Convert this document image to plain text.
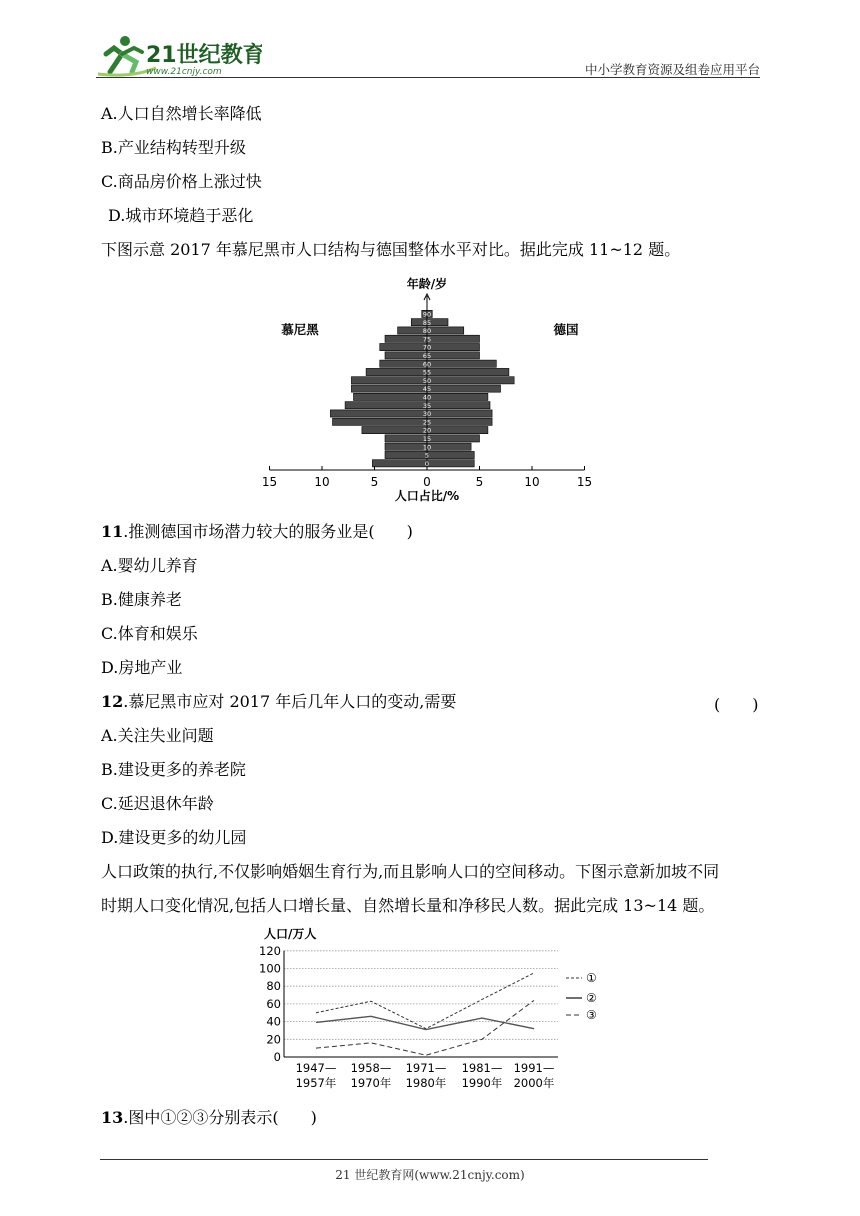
21世纪教育
www.21cnjy.com	中小学教育资源及组卷应用平台
A.人口自然增长率降低
B.产业结构转型升级
C.商品房价格上涨过快
D.城市环境趋于恶化
下图示意 2017 年慕尼黑市人口结构与德国整体水平对比。据此完成 11~12 题。
0
5
10
15
20
25
30
35
40
45
50
55
60
65
70
75
80
85
90
15	10	5	0	5	10	15
年龄/岁
慕尼黑	德国
人口占比/%
11.推测德国市场潜力较大的服务业是(　　)
A.婴幼儿养育
B.健康养老
C.体育和娱乐
D.房地产业
12.慕尼黑市应对 2017 年后几年人口的变动,需要	(　　)
A.关注失业问题
B.建设更多的养老院
C.延迟退休年龄
D.建设更多的幼儿园
人口政策的执行,不仅影响婚姻生育行为,而且影响人口的空间移动。下图示意新加坡不同
时期人口变化情况,包括人口增长量、自然增长量和净移民人数。据此完成 13~14 题。
0
20
40
60
80
100
120
1947—
1957年
1958—
1970年
1971—
1980年
1981—
1990年
1991—
2000年
①
②
③
人口/万人
13.图中①②③分别表示(　　)
21 世纪教育网(www.21cnjy.com)
